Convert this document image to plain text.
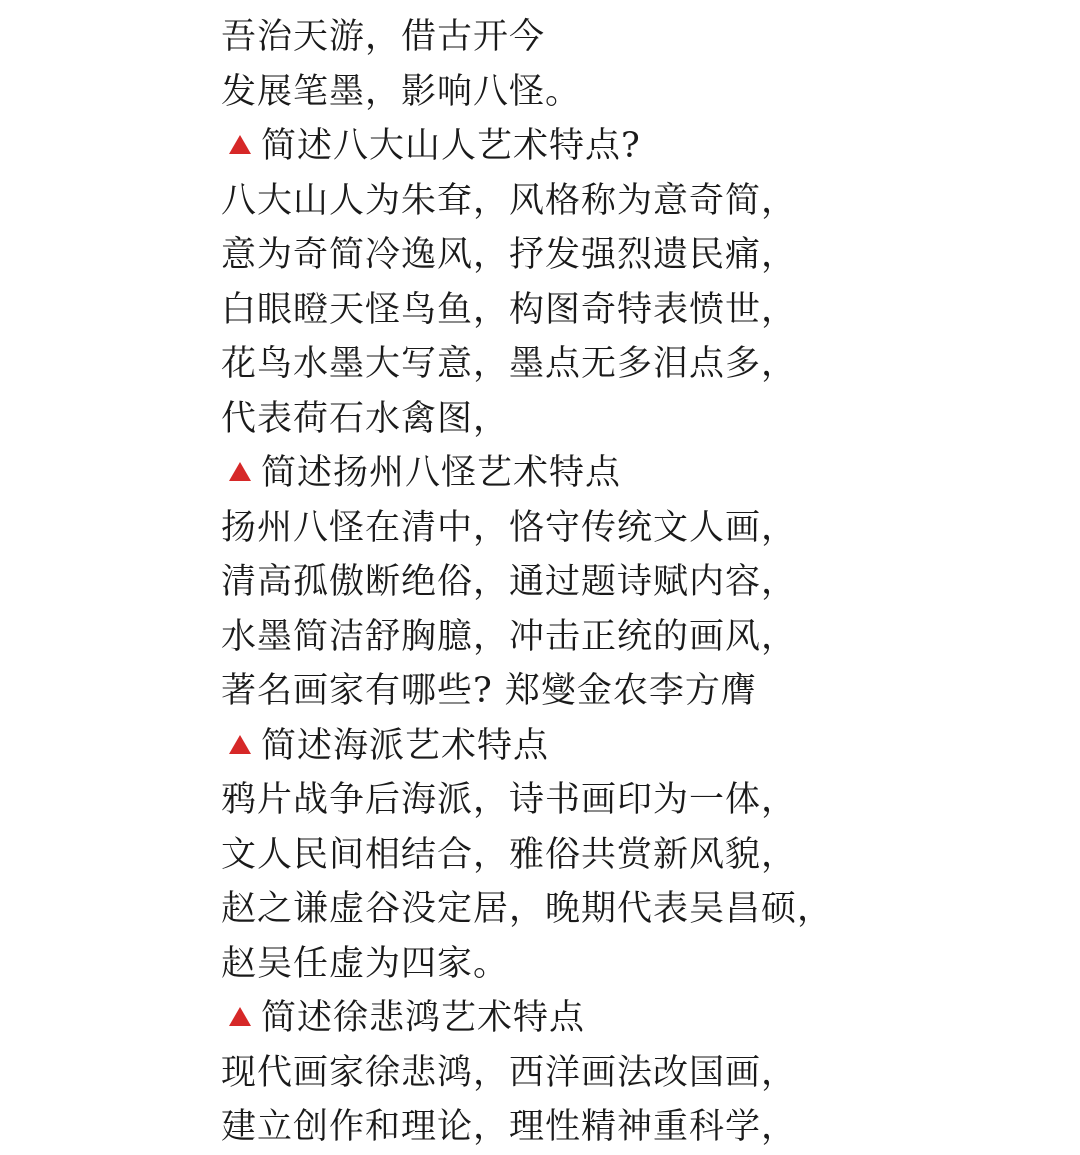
吾治天游，借古开今
发展笔墨，影响八怪。
简述八大山人艺术特点?
八大山人为朱耷，风格称为意奇简，
意为奇简冷逸风，抒发强烈遗民痛，
白眼瞪天怪鸟鱼，构图奇特表愤世，
花鸟水墨大写意，墨点无多泪点多，
代表荷石水禽图，
简述扬州八怪艺术特点
扬州八怪在清中，恪守传统文人画，
清高孤傲断绝俗，通过题诗赋内容，
水墨简洁舒胸臆，冲击正统的画风，
著名画家有哪些? 郑燮金农李方膺
简述海派艺术特点
鸦片战争后海派，诗书画印为一体，
文人民间相结合，雅俗共赏新风貌，
赵之谦虚谷没定居，晚期代表吴昌硕，
赵吴任虚为四家。
简述徐悲鸿艺术特点
现代画家徐悲鸿，西洋画法改国画，
建立创作和理论，理性精神重科学，
